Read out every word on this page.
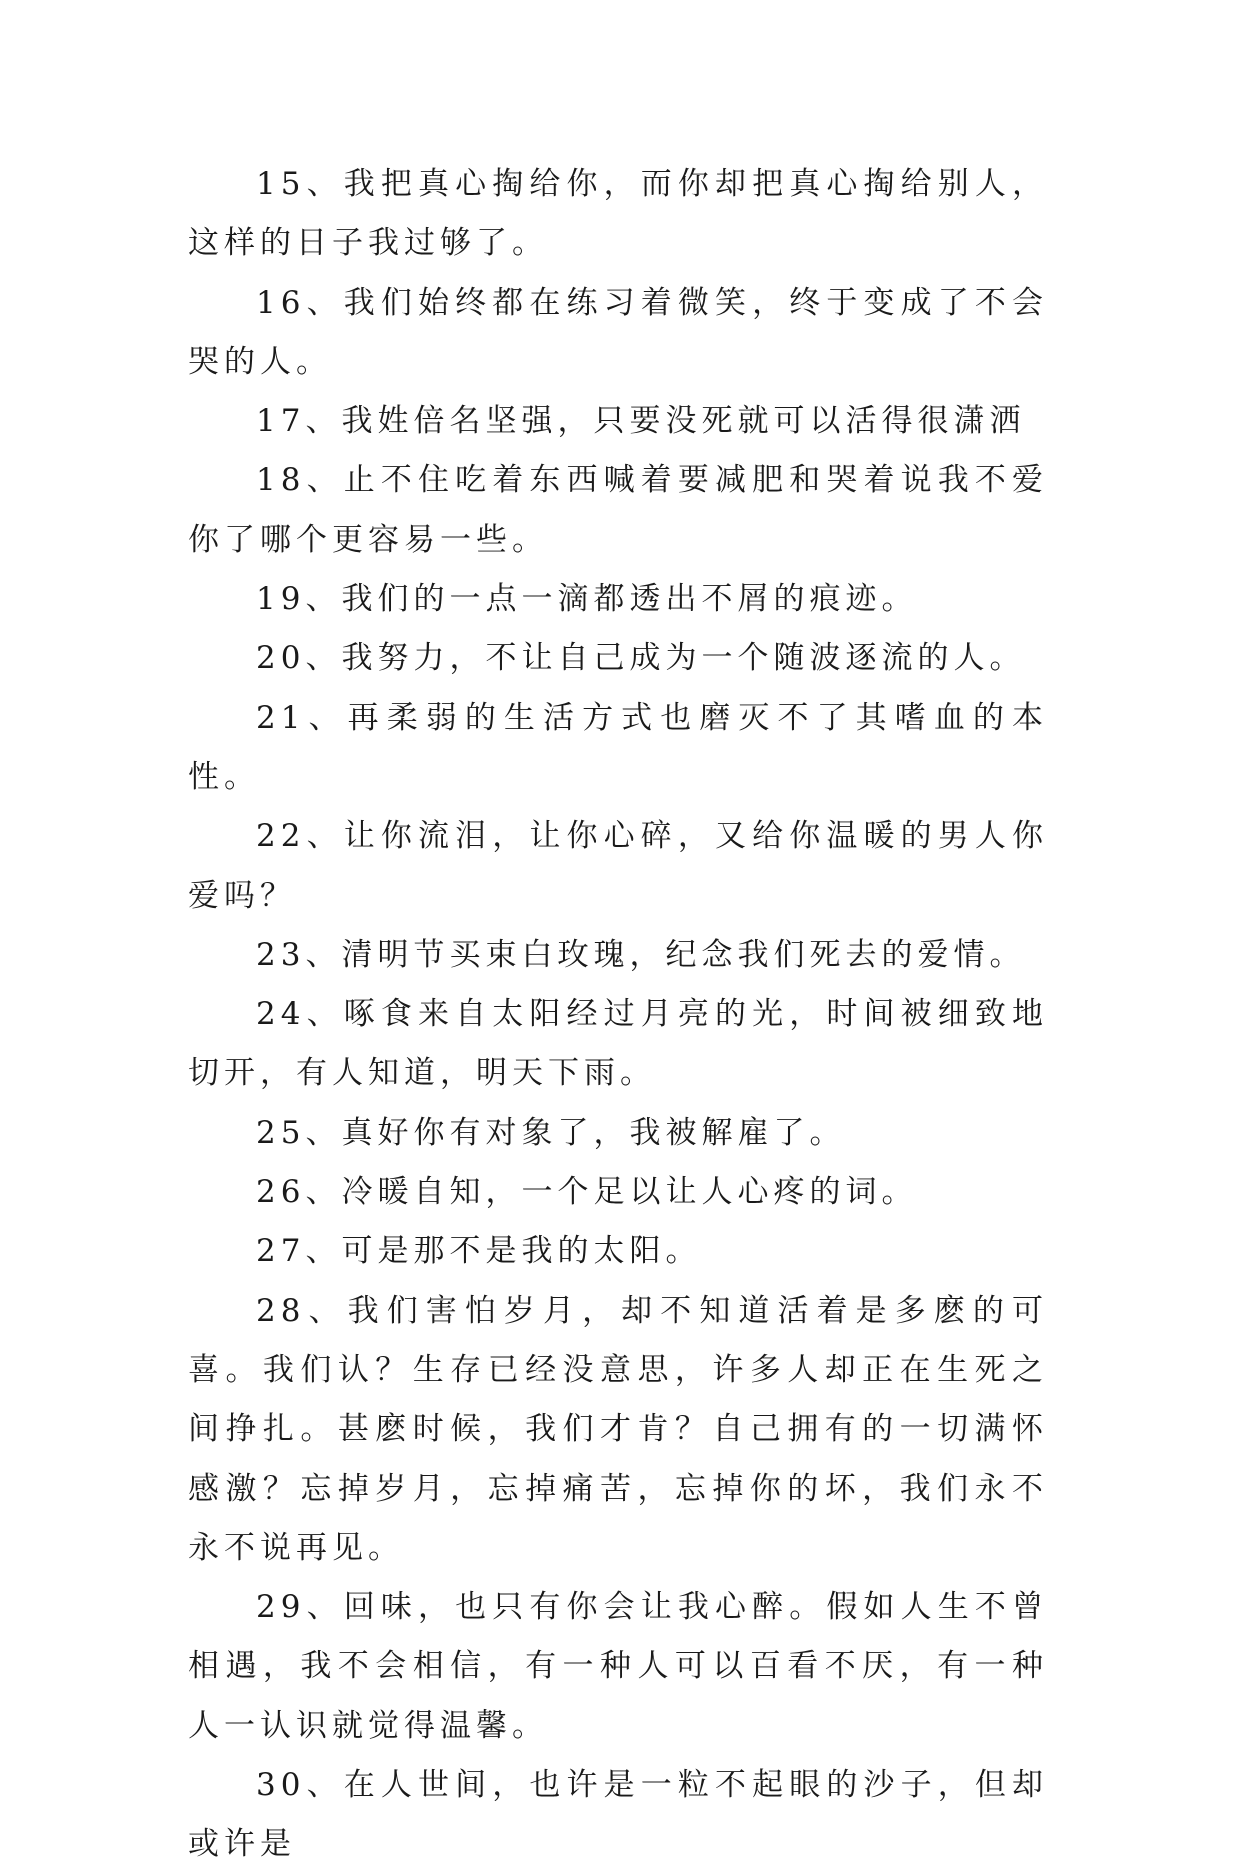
15、我把真心掏给你，而你却把真心掏给别人，这样的日子我过够了。

16、我们始终都在练习着微笑，终于变成了不会哭的人。

17、我姓倍名坚强，只要没死就可以活得很潇洒

18、止不住吃着东西喊着要减肥和哭着说我不爱你了哪个更容易一些。

19、我们的一点一滴都透出不屑的痕迹。

20、我努力，不让自己成为一个随波逐流的人。

21、再柔弱的生活方式也磨灭不了其嗜血的本性。

22、让你流泪，让你心碎，又给你温暖的男人你爱吗？

23、清明节买束白玫瑰，纪念我们死去的爱情。

24、啄食来自太阳经过月亮的光，时间被细致地切开，有人知道，明天下雨。

25、真好你有对象了，我被解雇了。

26、冷暖自知，一个足以让人心疼的词。

27、可是那不是我的太阳。

28、我们害怕岁月，却不知道活着是多麽的可喜。我们认？生存已经没意思，许多人却正在生死之间挣扎。甚麽时候，我们才肯？自己拥有的一切满怀感激？忘掉岁月，忘掉痛苦，忘掉你的坏，我们永不永不说再见。

29、回味，也只有你会让我心醉。假如人生不曾相遇，我不会相信，有一种人可以百看不厌，有一种人一认识就觉得温馨。

30、在人世间，也许是一粒不起眼的沙子，但却或许是
